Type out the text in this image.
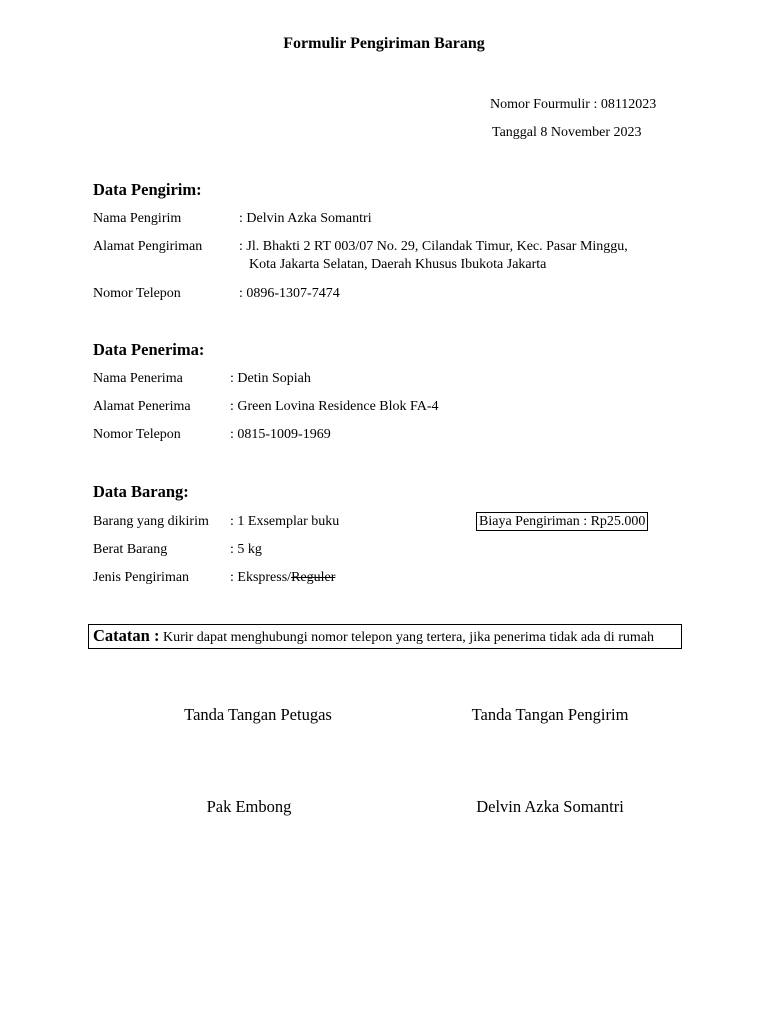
Formulir Pengiriman Barang
Nomor Fourmulir : 08112023
Tanggal 8 November 2023
Data Pengirim:
Nama Pengirim	: Delvin Azka Somantri
Alamat Pengiriman	: Jl. Bhakti 2 RT 003/07 No. 29, Cilandak Timur, Kec. Pasar Minggu,
Kota Jakarta Selatan, Daerah Khusus Ibukota Jakarta
Nomor Telepon	: 0896-1307-7474
Data Penerima:
Nama Penerima	: Detin Sopiah
Alamat Penerima	: Green Lovina Residence Blok FA-4
Nomor Telepon	: 0815-1009-1969
Data Barang:
Barang yang dikirim : 1 Exsemplar buku	Biaya Pengiriman : Rp25.000
Berat Barang	: 5 kg
Jenis Pengiriman	: Ekspress/Reguler
Catatan : Kurir dapat menghubungi nomor telepon yang tertera, jika penerima tidak ada di rumah
Tanda Tangan Petugas	Tanda Tangan Pengirim
Pak Embong	Delvin Azka Somantri
